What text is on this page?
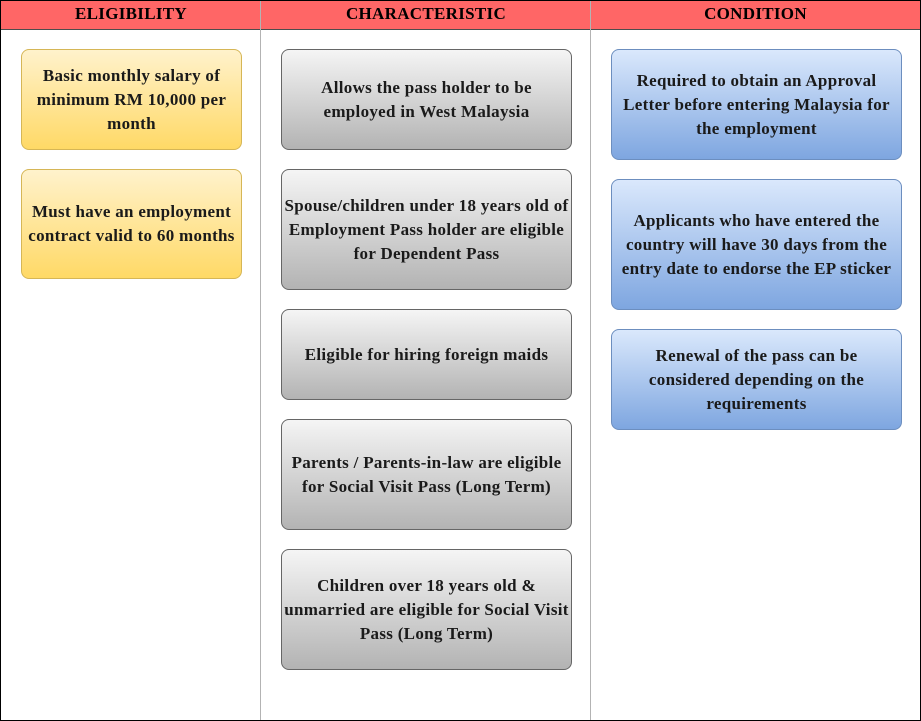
ELIGIBILITY	CHARACTERISTIC	CONDITION
Basic monthly salary of minimum RM 10,000 per month
Must have an employment contract valid to 60 months
Allows the pass holder to be employed in West Malaysia
Spouse/children under 18 years old of Employment Pass holder are eligible for Dependent Pass
Eligible for hiring foreign maids
Parents / Parents-in-law are eligible for Social Visit Pass (Long Term)
Children over 18 years old & unmarried are eligible for Social Visit Pass (Long Term)
Required to obtain an Approval Letter before entering Malaysia for the employment
Applicants who have entered the country will have 30 days from the entry date to endorse the EP sticker
Renewal of the pass can be considered depending on the requirements
